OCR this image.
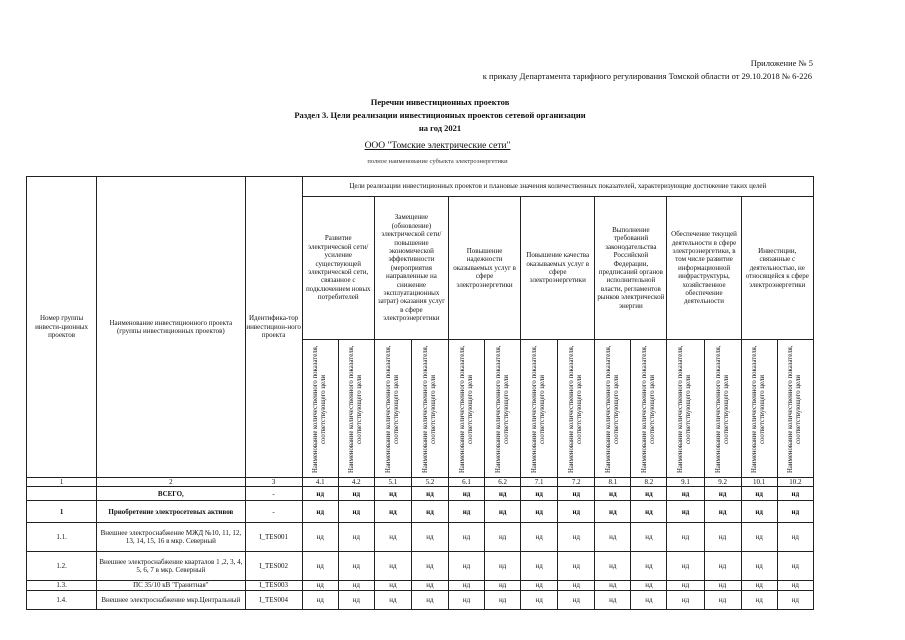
Приложение № 5
к приказу Департамента тарифного регулирования Томской области от 29.10.2018 № 6-226
Перечни инвестиционных проектов
Раздел 3. Цели реализации инвестиционных проектов сетевой организации
на год 2021
ООО "Томские электрические сети"
полное наименование субъекта электроэнергетики
Номер группы инвести-ционных проектов	Наименование инвестиционного проекта (группы инвестиционных проектов)	Идентифика-тор инвестицион-ного проекта	Цели реализации инвестиционных проектов и плановые значения количественных показателей, характеризующие достижение таких целей													

			Развитие электрической сети/усиление существующей электрической сети, связанное с подключением новых потребителей		Замещение (обновление) электрической сети/повышение экономической эффективности (мероприятия направленные на снижение эксплуатационных затрат) оказания услуг в сфере электроэнергетики		Повышение надежности оказываемых услуг в сфере электроэнергетики		Повышение качества оказываемых услуг в сфере электроэнергетики		Выполнение требований законодательства Российской Федерации, предписаний органов исполнительной власти, регламентов рынков электрической энергии		Обеспечение текущей деятельности в сфере электроэнергетики, в том числе развитие информационной инфраструктуры, хозяйственное обеспечение деятельности		Инвестиции, связанные с деятельностью, не относящейся к сфере электроэнергетики	

			Наименование количественного показателя, соответствующего цели	Наименование количественного показателя, соответствующего цели	Наименование количественного показателя, соответствующего цели	Наименование количественного показателя, соответствующего цели	Наименование количественного показателя, соответствующего цели	Наименование количественного показателя, соответствующего цели	Наименование количественного показателя, соответствующего цели	Наименование количественного показателя, соответствующего цели	Наименование количественного показателя, соответствующего цели	Наименование количественного показателя, соответствующего цели	Наименование количественного показателя, соответствующего цели	Наименование количественного показателя, соответствующего цели	Наименование количественного показателя, соответствующего цели	Наименование количественного показателя, соответствующего цели

1	2	3	4.1	4.2	5.1	5.2	6.1	6.2	7.1	7.2	8.1	8.2	9.1	9.2	10.1	10.2
	ВСЕГО,	-	нд	нд	нд	нд	нд	нд	нд	нд	нд	нд	нд	нд	нд	нд
1	Приобретение электросетевых активов	-	нд	нд	нд	нд	нд	нд	нд	нд	нд	нд	нд	нд	нд	нд
1.1.	Внешнее электроснабжение МЖД №10, 11, 12, 13, 14, 15, 16 в мкр. Северный	I_TES001	нд	нд	нд	нд	нд	нд	нд	нд	нд	нд	нд	нд	нд	нд
1.2.	Внешнее электроснабжение кварталов 1 ,2, 3, 4, 5, 6, 7 в мкр. Северный	I_TES002	нд	нд	нд	нд	нд	нд	нд	нд	нд	нд	нд	нд	нд	нд
1.3.	ПС 35/10 кВ "Гранитная"	I_TES003	нд	нд	нд	нд	нд	нд	нд	нд	нд	нд	нд	нд	нд	нд
1.4.	Внешнее электроснабжение мкр.Центральный	I_TES004	нд	нд	нд	нд	нд	нд	нд	нд	нд	нд	нд	нд	нд	нд
